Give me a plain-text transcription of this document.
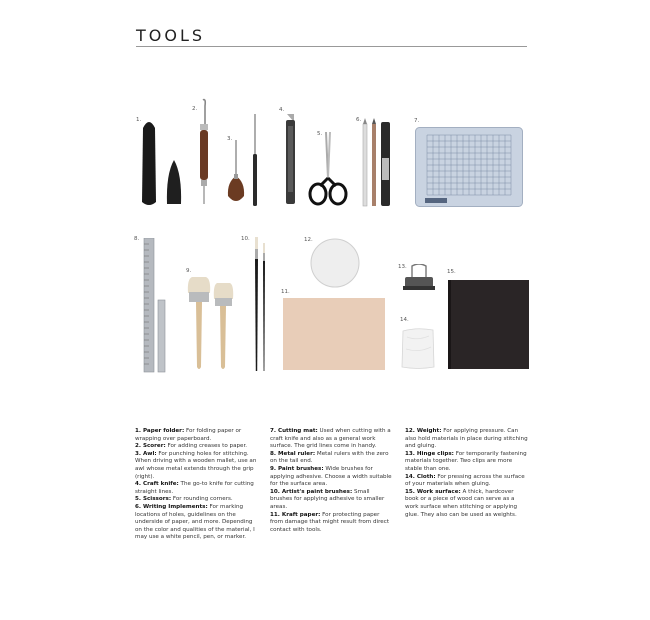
TOOLS
1.
2.
3.
4.
5.
6.	7.
8.
9.
10.
11.
12.
13.
14.
15.

1. Paper folder: For folding paper or wrapping over paperboard.

2. Scorer: For adding creases to paper.

3. Awl: For punching holes for stitching. When driving with a wooden mallet, use an awl whose metal extends through the grip (right).

4. Craft knife: The go-to knife for cutting straight lines.

5. Scissors: For rounding corners.

6. Writing Implements: For marking locations of holes, guidelines on the underside of paper, and more. Depending on the color and qualities of the material, I may use a white pencil, pen, or marker.

7. Cutting mat: Used when cutting with a craft knife and also as a general work surface. The grid lines come in handy.

8. Metal ruler: Metal rulers with the zero on the tail end.

9. Paint brushes: Wide brushes for applying adhesive. Choose a width suitable for the surface area.

10. Artist's paint brushes: Small brushes for applying adhesive to smaller areas.

11. Kraft paper: For protecting paper from damage that might result from direct contact with tools.

12. Weight: For applying pressure. Can also hold materials in place during stitching and gluing.

13. Hinge clips: For temporarily fastening materials together. Two clips are more stable than one.

14. Cloth: For pressing across the surface of your materials when gluing.

15. Work surface: A thick, hardcover book or a piece of wood can serve as a work surface when stitching or applying glue. They also can be used as weights.
